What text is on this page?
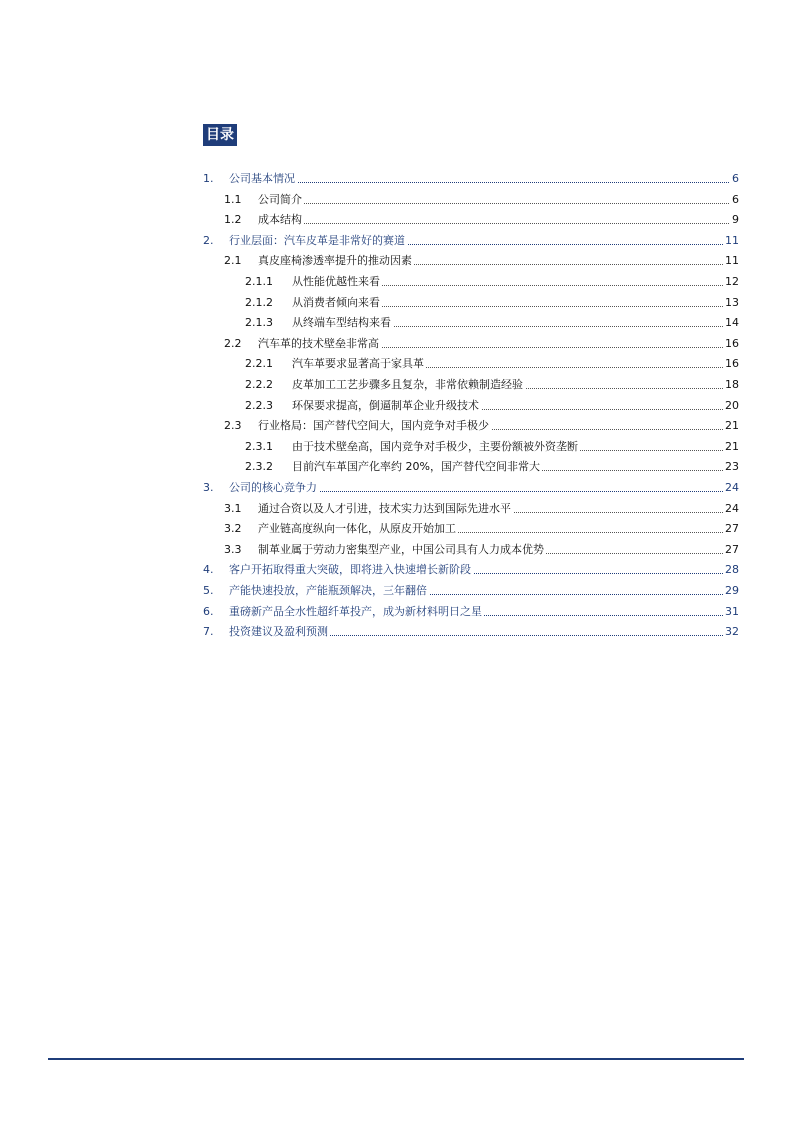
目录
1. 公司基本情况	6
1.1 公司简介	6
1.2 成本结构	9
2. 行业层面：汽车皮革是非常好的赛道	11
2.1 真皮座椅渗透率提升的推动因素	11
2.1.1 从性能优越性来看	12
2.1.2 从消费者倾向来看	13
2.1.3 从终端车型结构来看	14
2.2 汽车革的技术壁垒非常高	16
2.2.1 汽车革要求显著高于家具革	16
2.2.2 皮革加工工艺步骤多且复杂，非常依赖制造经验	18
2.2.3 环保要求提高，倒逼制革企业升级技术	20
2.3 行业格局：国产替代空间大，国内竞争对手极少	21
2.3.1 由于技术壁垒高，国内竞争对手极少，主要份额被外资垄断	21
2.3.2 目前汽车革国产化率约 20%，国产替代空间非常大	23
3. 公司的核心竞争力	24
3.1 通过合资以及人才引进，技术实力达到国际先进水平	24
3.2 产业链高度纵向一体化，从原皮开始加工	27
3.3 制革业属于劳动力密集型产业，中国公司具有人力成本优势	27
4. 客户开拓取得重大突破，即将进入快速增长新阶段	28
5. 产能快速投放，产能瓶颈解决，三年翻倍	29
6. 重磅新产品全水性超纤革投产，成为新材料明日之星	31
7. 投资建议及盈利预测	32
